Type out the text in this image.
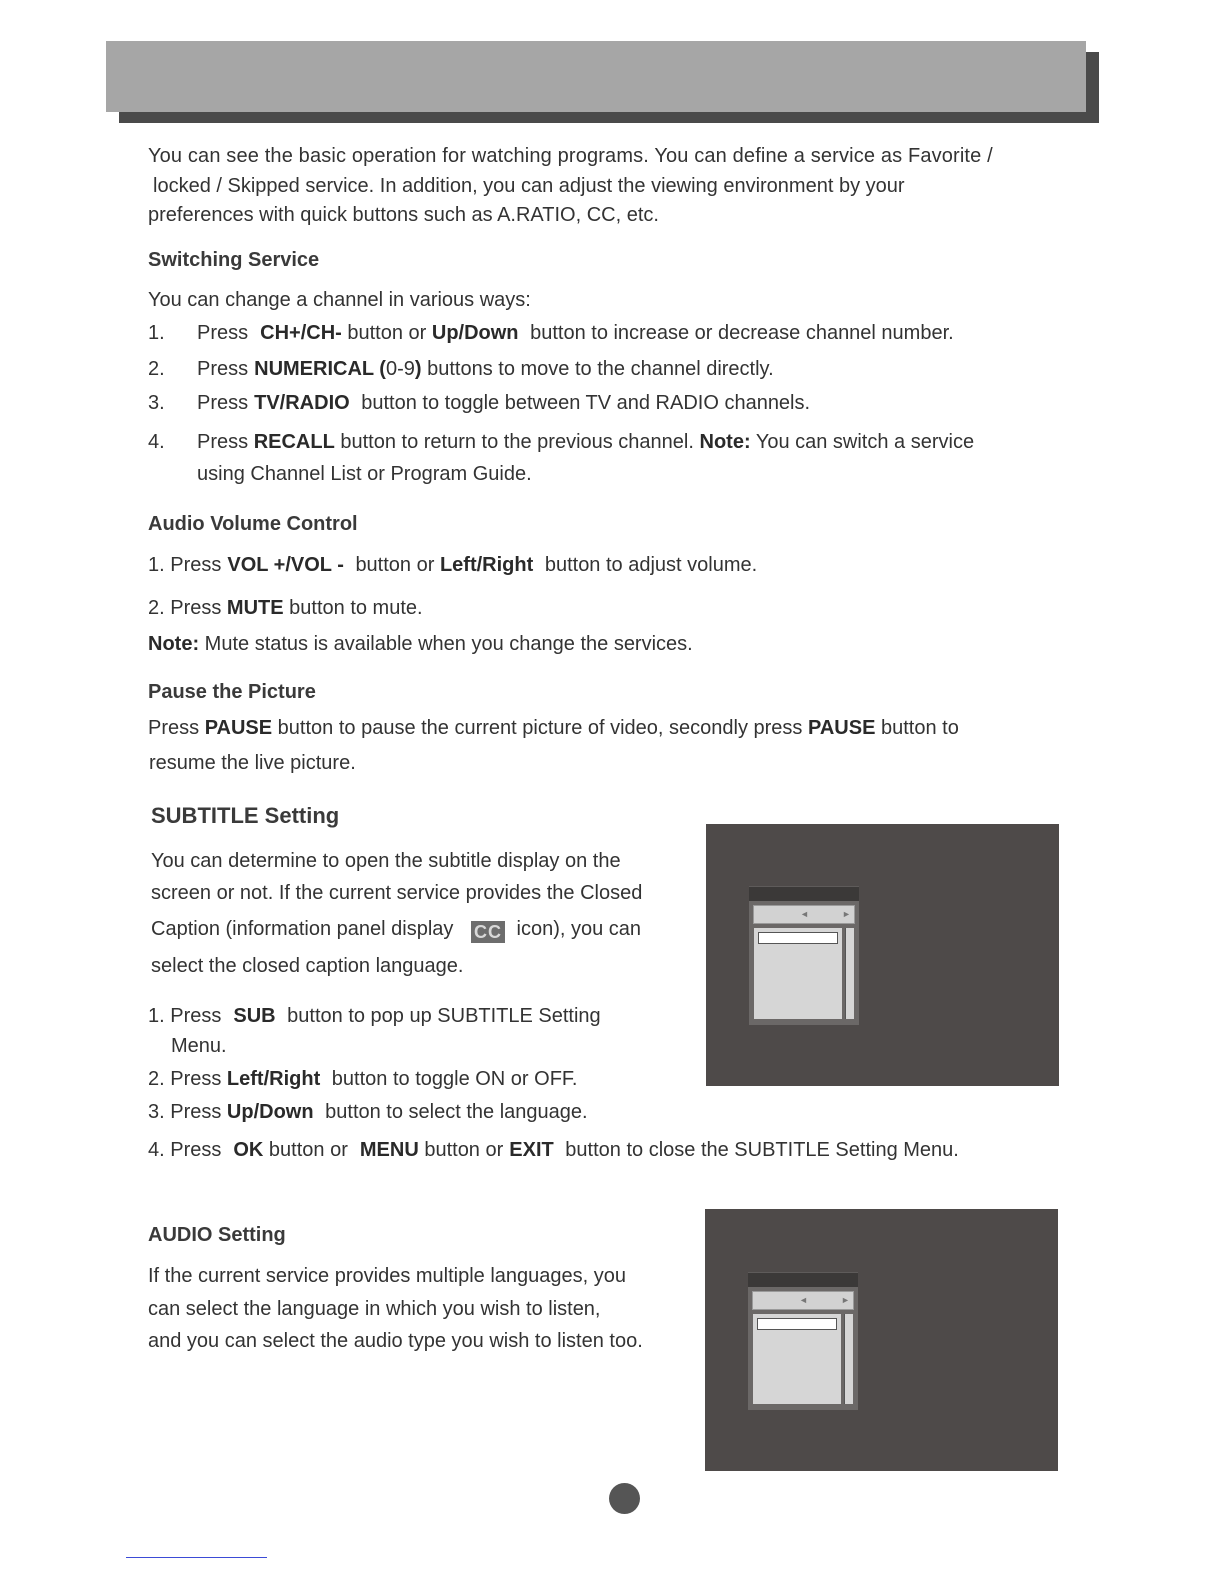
You can see the basic operation for watching programs. You can define a service as Favorite /
locked / Skipped service. In addition, you can adjust the viewing environment by your
preferences with quick buttons such as A.RATIO, CC, etc.
Switching Service
You can change a channel in various ways:
1. Press CH+/CH- button or Up/Down button to increase or decrease channel number.
2. Press NUMERICAL (0-9) buttons to move to the channel directly.
3. Press TV/RADIO button to toggle between TV and RADIO channels.
4. Press RECALL button to return to the previous channel. Note: You can switch a service
using Channel List or Program Guide.
Audio Volume Control
1. Press VOL +/VOL - button or Left/Right button to adjust volume.
2. Press MUTE button to mute.
Note: Mute status is available when you change the services.
Pause the Picture
Press PAUSE button to pause the current picture of video, secondly press PAUSE button to
resume the live picture.
SUBTITLE Setting
You can determine to open the subtitle display on the
screen or not. If the current service provides the Closed
Caption (information panel display CC icon), you can
select the closed caption language.
1. Press SUB button to pop up SUBTITLE Setting
Menu.
2. Press Left/Right button to toggle ON or OFF.
3. Press Up/Down button to select the language.
4. Press OK button or MENU button or EXIT button to close the SUBTITLE Setting Menu.
◄	►
AUDIO Setting
If the current service provides multiple languages, you
can select the language in which you wish to listen,
and you can select the audio type you wish to listen too.
◄	►
